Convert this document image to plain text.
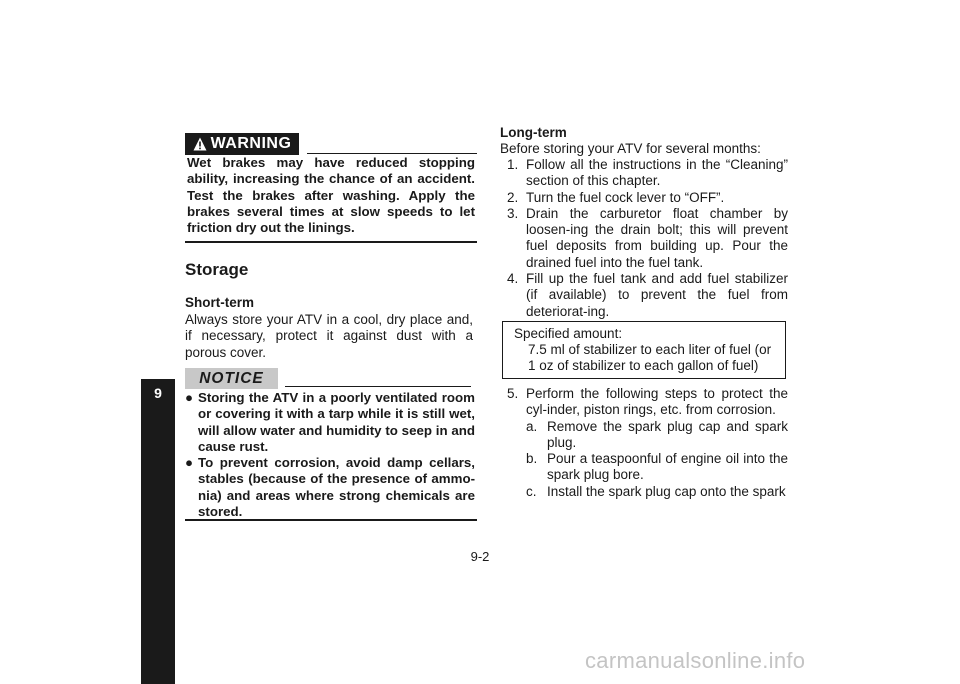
9
WARNING
Wet brakes may have reduced stopping ability, increasing the chance of an accident. Test the brakes after washing. Apply the brakes several times at slow speeds to let friction dry out the linings.
Storage
Short-term
Always store your ATV in a cool, dry place and, if necessary, protect it against dust with a porous cover.
NOTICE
● Storing the ATV in a poorly ventilated room or covering it with a tarp while it is still wet, will allow water and humidity to seep in and cause rust.
● To prevent corrosion, avoid damp cellars, stables (because of the presence of ammo-nia) and areas where strong chemicals are stored.
Long-term
Before storing your ATV for several months:
1. Follow all the instructions in the “Cleaning” section of this chapter.
2. Turn the fuel cock lever to “OFF”.
3. Drain the carburetor float chamber by loosen-ing the drain bolt; this will prevent fuel deposits from building up. Pour the drained fuel into the fuel tank.
4. Fill up the fuel tank and add fuel stabilizer (if available) to prevent the fuel from deteriorat-ing.
Specified amount:
7.5 ml of stabilizer to each liter of fuel (or 1 oz of stabilizer to each gallon of fuel)
5. Perform the following steps to protect the cyl-inder, piston rings, etc. from corrosion.
a. Remove the spark plug cap and spark plug.
b. Pour a teaspoonful of engine oil into the spark plug bore.
c. Install the spark plug cap onto the spark
9-2
carmanualsonline.info
